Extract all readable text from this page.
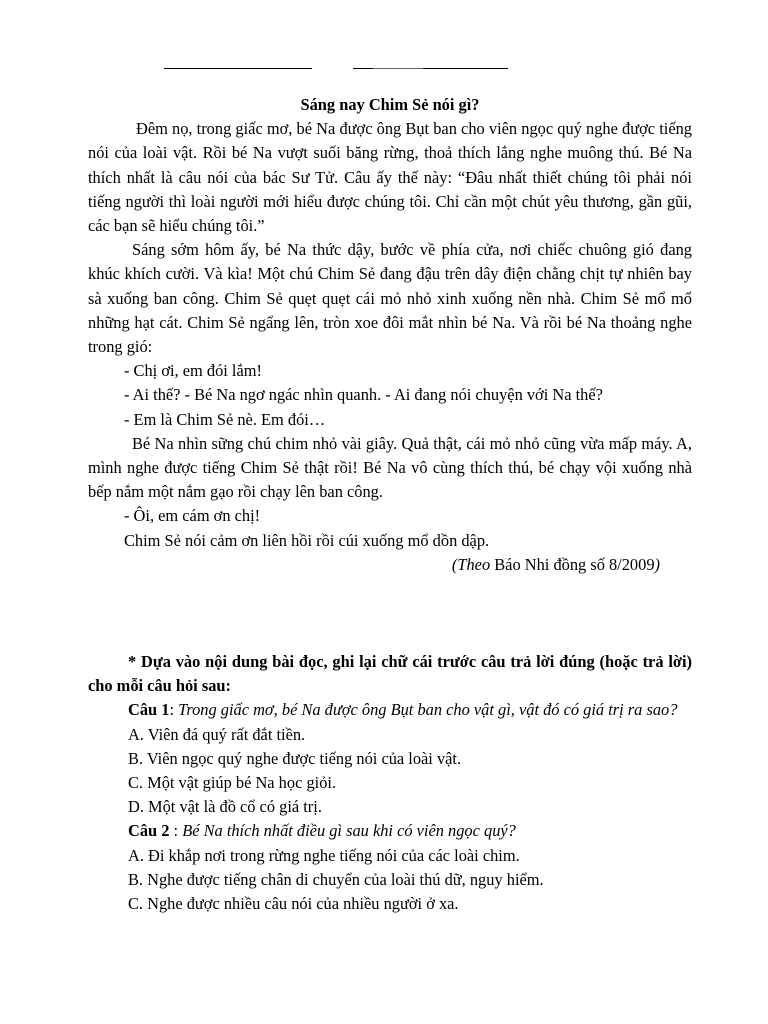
Sáng nay Chim Sẻ nói gì?

Đêm nọ, trong giấc mơ, bé Na được ông Bụt ban cho viên ngọc quý nghe được tiếng nói của loài vật. Rồi bé Na vượt suối băng rừng, thoả thích lắng nghe muông thú. Bé Na thích nhất là câu nói của bác Sư Tử. Câu ấy thế này: “Đâu nhất thiết chúng tôi phải nói tiếng người thì loài người mới hiểu được chúng tôi. Chỉ cần một chút yêu thương, gần gũi, các bạn sẽ hiểu chúng tôi.”

Sáng sớm hôm ấy, bé Na thức dậy, bước về phía cửa, nơi chiếc chuông gió đang khúc khích cười. Và kìa! Một chú Chim Sẻ đang đậu trên dây điện chằng chịt tự nhiên bay sà xuống ban công. Chim Sẻ quẹt quẹt cái mỏ nhỏ xinh xuống nền nhà. Chim Sẻ mổ mổ những hạt cát. Chim Sẻ ngẩng lên, tròn xoe đôi mắt nhìn bé Na. Và rồi bé Na thoảng nghe trong gió:

- Chị ơi, em đói lắm!

- Ai thế? - Bé Na ngơ ngác nhìn quanh. - Ai đang nói chuyện với Na thế?

- Em là Chim Sẻ nè. Em đói…

Bé Na nhìn sững chú chim nhỏ vài giây. Quả thật, cái mỏ nhỏ cũng vừa mấp máy. A, mình nghe được tiếng Chim Sẻ thật rồi! Bé Na vô cùng thích thú, bé chạy vội xuống nhà bếp nắm một nắm gạo rồi chạy lên ban công.

- Ôi, em cám ơn chị!

Chim Sẻ nói cảm ơn liên hồi rồi cúi xuống mổ dồn dập.

(Theo Báo Nhi đồng số 8/2009)

* Dựa vào nội dung bài đọc, ghi lại chữ cái trước câu trả lời đúng (hoặc trả lời) cho mỗi câu hỏi sau:

Câu 1: Trong giấc mơ, bé Na được ông Bụt ban cho vật gì, vật đó có giá trị ra sao?

A. Viên đá quý rất đắt tiền.

B. Viên ngọc quý nghe được tiếng nói của loài vật.

C. Một vật giúp bé Na học giỏi.

D. Một vật là đồ cổ có giá trị.

Câu 2 : Bé Na thích nhất điều gì sau khi có viên ngọc quý?

A. Đi khắp nơi trong rừng nghe tiếng nói của các loài chim.

B. Nghe được tiếng chân di chuyển của loài thú dữ, nguy hiểm.

C. Nghe được nhiều câu nói của nhiều người ở xa.
